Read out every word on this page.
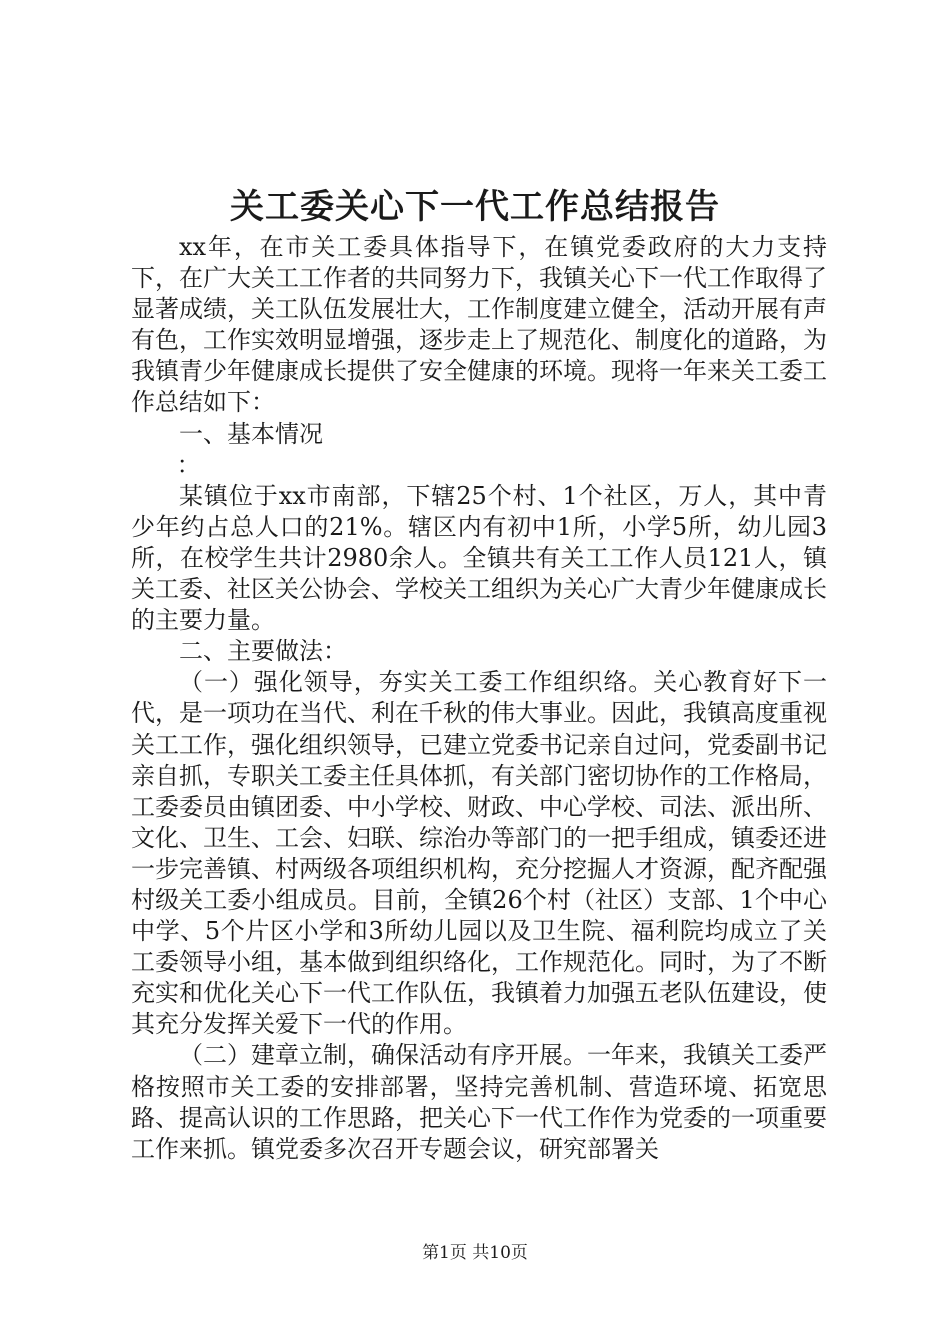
关工委关心下一代工作总结报告

xx年，在市关工委具体指导下，在镇党委政府的大力支持下，在广大关工工作者的共同努力下，我镇关心下一代工作取得了显著成绩，关工队伍发展壮大，工作制度建立健全，活动开展有声有色，工作实效明显增强，逐步走上了规范化、制度化的道路，为我镇青少年健康成长提供了安全健康的环境。现将一年来关工委工作总结如下：

一、基本情况

：

某镇位于xx市南部，下辖25个村、1个社区，万人，其中青少年约占总人口的21%。辖区内有初中1所，小学5所，幼儿园3所，在校学生共计2980余人。全镇共有关工工作人员121人，镇关工委、社区关公协会、学校关工组织为关心广大青少年健康成长的主要力量。

二、主要做法：

（一）强化领导，夯实关工委工作组织络。关心教育好下一代，是一项功在当代、利在千秋的伟大事业。因此，我镇高度重视关工工作，强化组织领导，已建立党委书记亲自过问，党委副书记亲自抓，专职关工委主任具体抓，有关部门密切协作的工作格局，工委委员由镇团委、中小学校、财政、中心学校、司法、派出所、文化、卫生、工会、妇联、综治办等部门的一把手组成，镇委还进一步完善镇、村两级各项组织机构，充分挖掘人才资源，配齐配强村级关工委小组成员。目前，全镇26个村（社区）支部、1个中心中学、5个片区小学和3所幼儿园以及卫生院、福利院均成立了关工委领导小组，基本做到组织络化，工作规范化。同时，为了不断充实和优化关心下一代工作队伍，我镇着力加强五老队伍建设，使其充分发挥关爱下一代的作用。

（二）建章立制，确保活动有序开展。一年来，我镇关工委严格按照市关工委的安排部署，坚持完善机制、营造环境、拓宽思路、提高认识的工作思路，把关心下一代工作作为党委的一项重要工作来抓。镇党委多次召开专题会议，研究部署关

第1页 共10页
